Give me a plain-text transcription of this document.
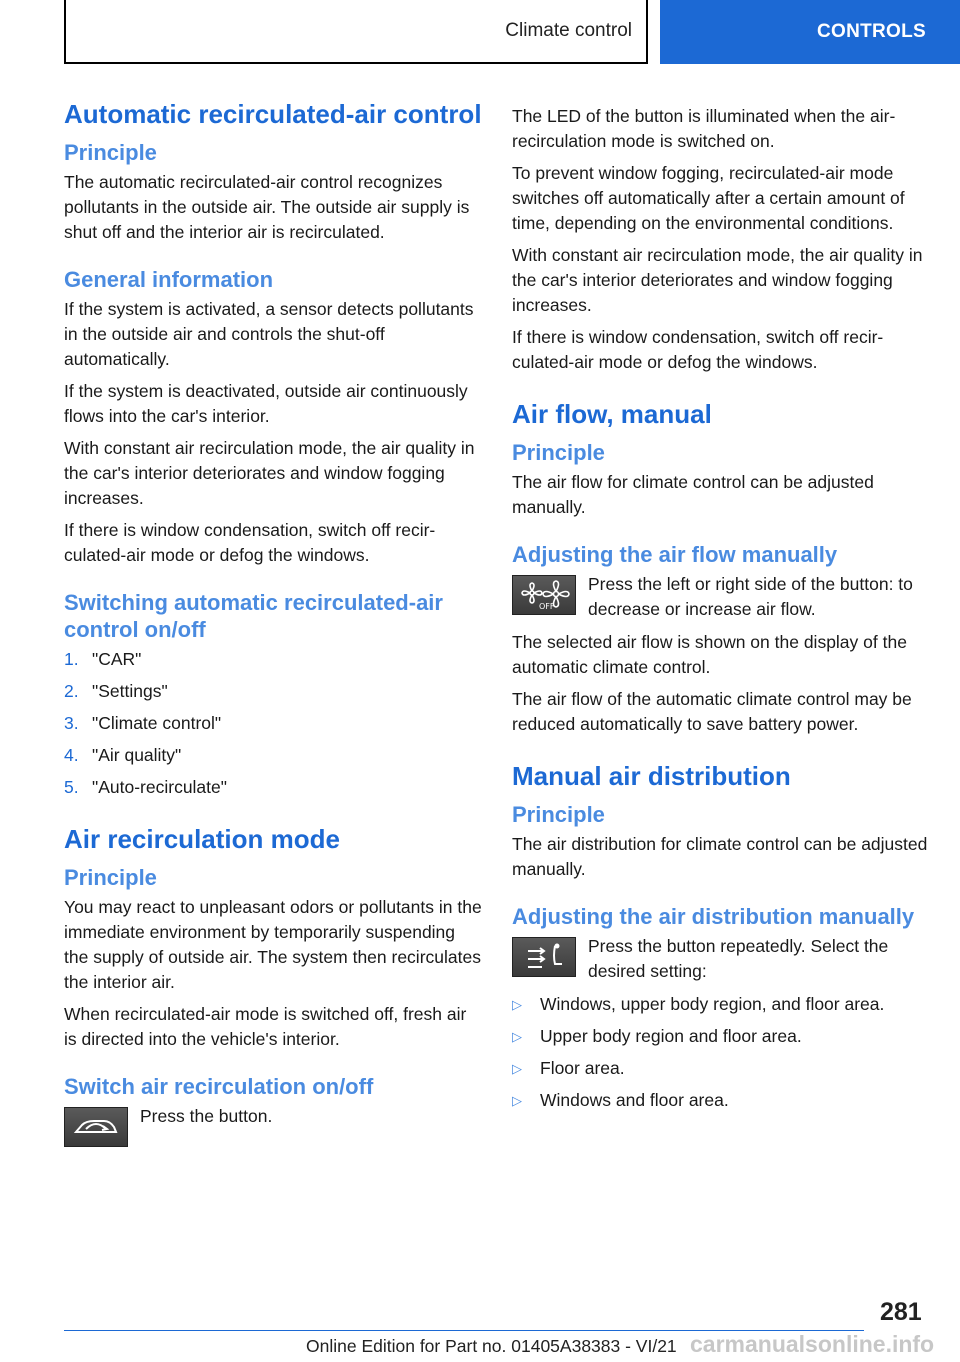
Climate control	CONTROLS
Automatic recirculated-air control
Principle

The automatic recirculated-air control recognizes pollutants in the outside air. The outside air supply is shut off and the interior air is recirculated.

General information

If the system is activated, a sensor detects pollutants in the outside air and controls the shut-off automatically.

If the system is deactivated, outside air continuously flows into the car's interior.

With constant air recirculation mode, the air quality in the car's interior deteriorates and window fogging increases.

If there is window condensation, switch off recirculated-air mode or defog the windows.

Switching automatic recirculated-air control on/off
1. "CAR"
2. "Settings"
3. "Climate control"
4. "Air quality"
5. "Auto-recirculate"
Air recirculation mode
Principle

You may react to unpleasant odors or pollutants in the immediate environment by temporarily suspending the supply of outside air. The system then recirculates the interior air.

When recirculated-air mode is switched off, fresh air is directed into the vehicle's interior.

Switch air recirculation on/off

Press the button.

The LED of the button is illuminated when the air-recirculation mode is switched on.

To prevent window fogging, recirculated-air mode switches off automatically after a certain amount of time, depending on the environmental conditions.

With constant air recirculation mode, the air quality in the car's interior deteriorates and window fogging increases.

If there is window condensation, switch off recirculated-air mode or defog the windows.

Air flow, manual
Principle

The air flow for climate control can be adjusted manually.

Adjusting the air flow manually
OFF

Press the left or right side of the button: to decrease or increase air flow.

The selected air flow is shown on the display of the automatic climate control.

The air flow of the automatic climate control may be reduced automatically to save battery power.

Manual air distribution
Principle

The air distribution for climate control can be adjusted manually.

Adjusting the air distribution manually

Press the button repeatedly. Select the desired setting:

▷	Windows, upper body region, and floor area.
▷	Upper body region and floor area.
▷	Floor area.
▷	Windows and floor area.
281
Online Edition for Part no. 01405A38383 - VI/21 carmanualsonline.info
